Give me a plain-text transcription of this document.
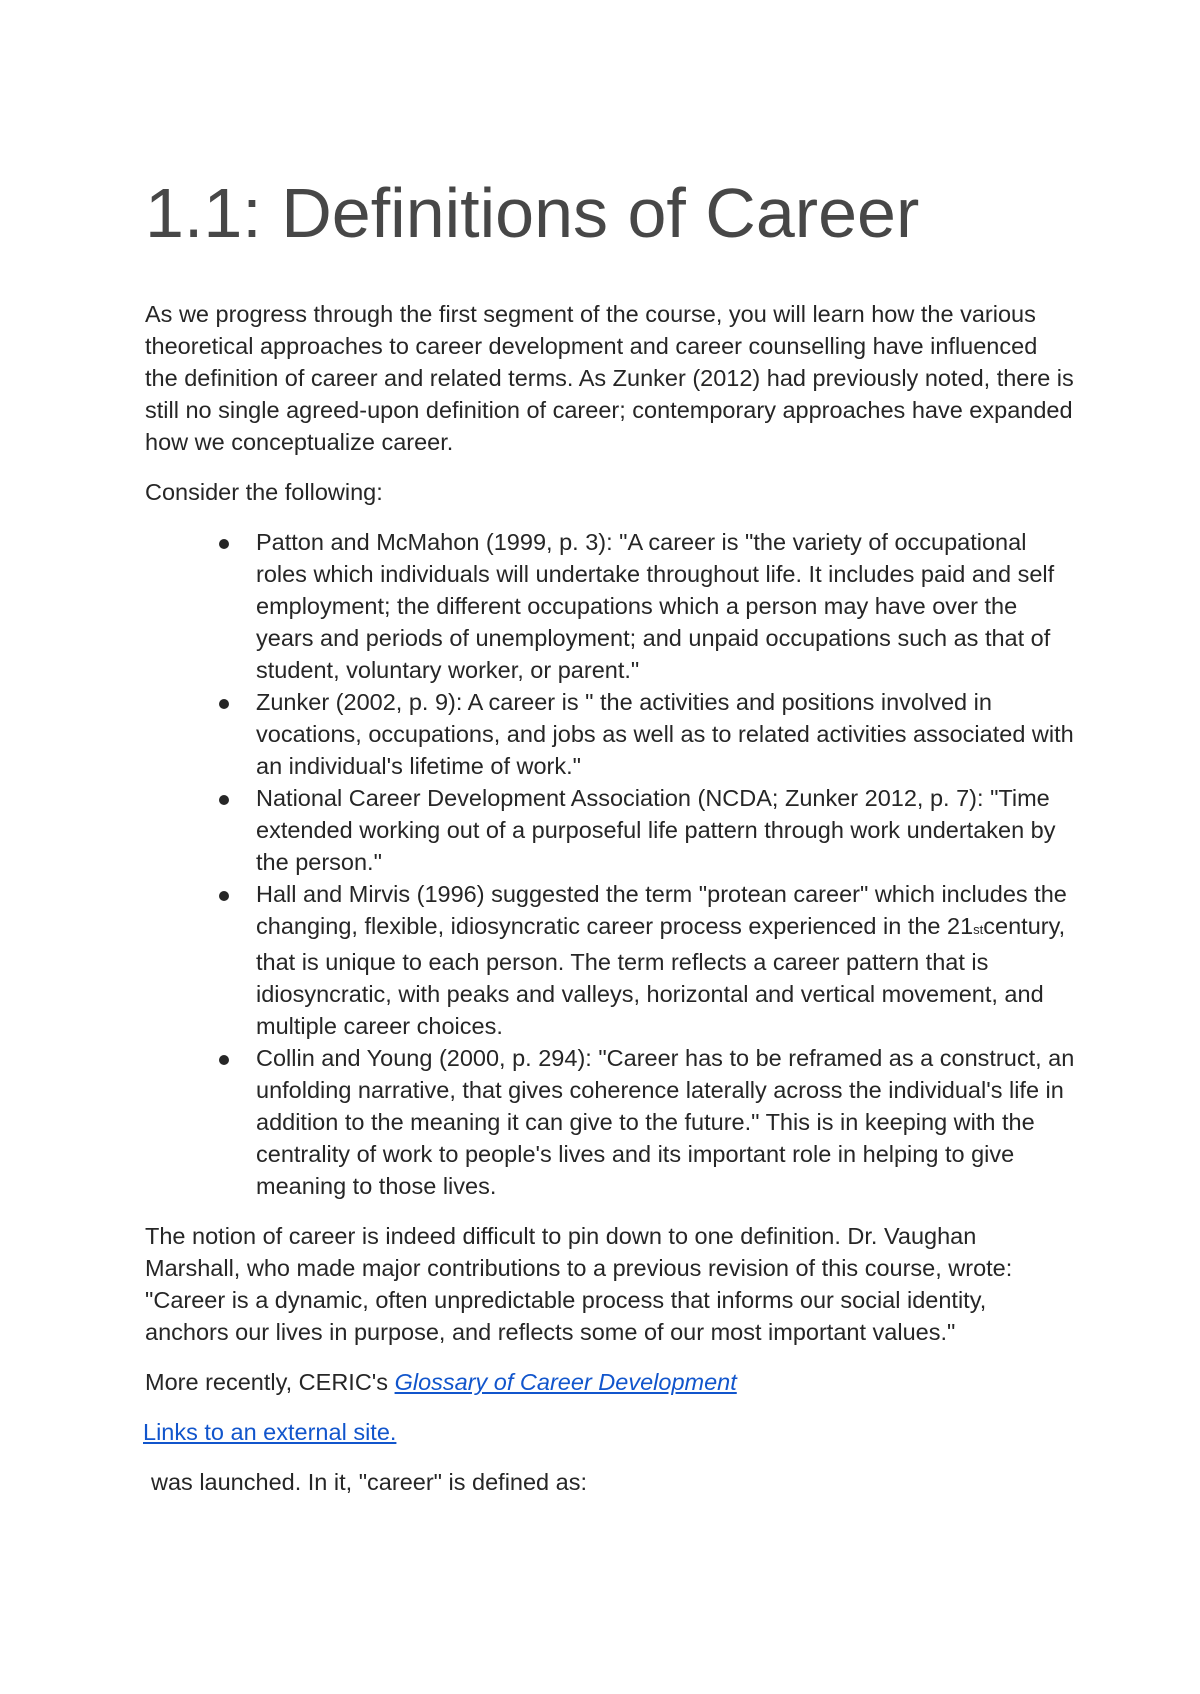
1.1: Definitions of Career

As we progress through the first segment of the course, you will learn how the various theoretical approaches to career development and career counselling have influenced the definition of career and related terms. As Zunker (2012) had previously noted, there is still no single agreed-upon definition of career; contemporary approaches have expanded how we conceptualize career.

Consider the following:

Patton and McMahon (1999, p. 3): "A career is "the variety of occupational roles which individuals will undertake throughout life. It includes paid and self employment; the different occupations which a person may have over the years and periods of unemployment; and unpaid occupations such as that of student, voluntary worker, or parent."
Zunker (2002, p. 9): A career is " the activities and positions involved in vocations, occupations, and jobs as well as to related activities associated with an individual's lifetime of work."
National Career Development Association (NCDA; Zunker 2012, p. 7): "Time extended working out of a purposeful life pattern through work undertaken by the person."
Hall and Mirvis (1996) suggested the term "protean career" which includes the changing, flexible, idiosyncratic career process experienced in the 21stcentury, that is unique to each person. The term reflects a career pattern that is idiosyncratic, with peaks and valleys, horizontal and vertical movement, and multiple career choices.
Collin and Young (2000, p. 294): "Career has to be reframed as a construct, an unfolding narrative, that gives coherence laterally across the individual's life in addition to the meaning it can give to the future." This is in keeping with the centrality of work to people's lives and its important role in helping to give meaning to those lives.

The notion of career is indeed difficult to pin down to one definition. Dr. Vaughan Marshall, who made major contributions to a previous revision of this course, wrote: "Career is a dynamic, often unpredictable process that informs our social identity, anchors our lives in purpose, and reflects some of our most important values."

More recently, CERIC's Glossary of Career Development

Links to an external site.

was launched. In it, "career" is defined as:
